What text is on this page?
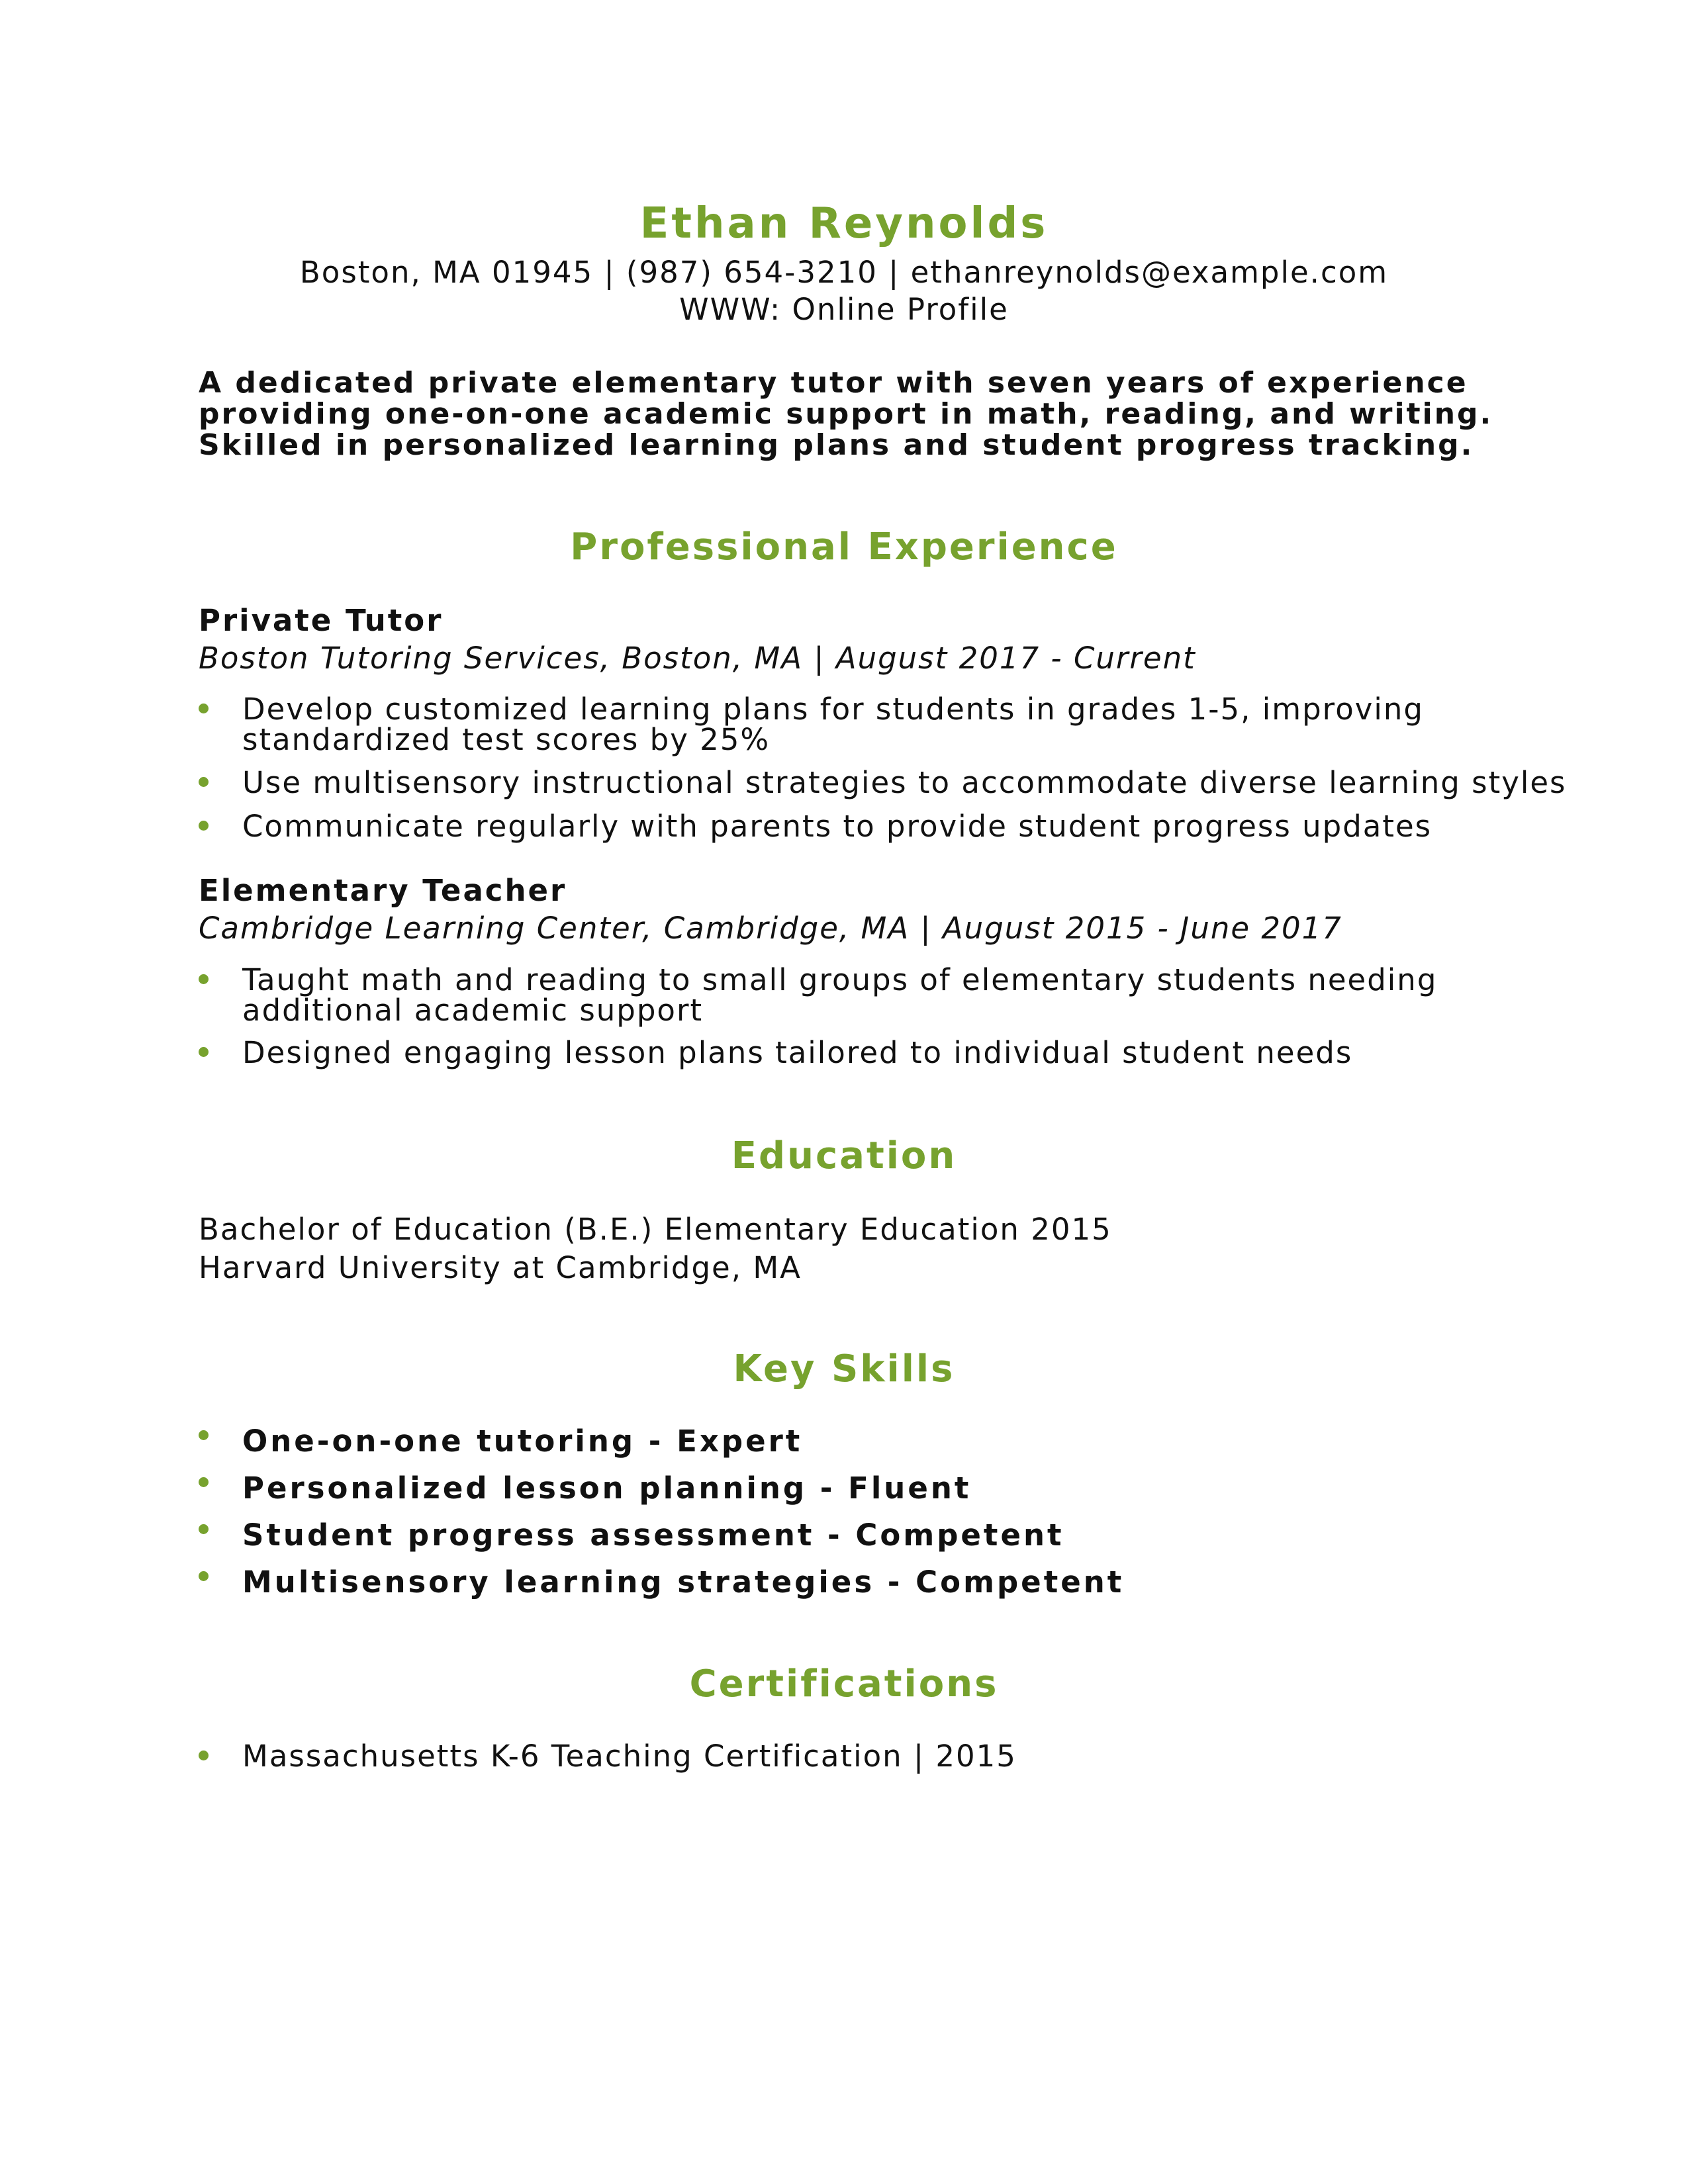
Ethan Reynolds
Boston, MA 01945 | (987) 654-3210 | ethanreynolds@example.com
WWW: Online Profile
A dedicated private elementary tutor with seven years of experience
providing one-on-one academic support in math, reading, and writing.
Skilled in personalized learning plans and student progress tracking.
Professional Experience
Private Tutor
Boston Tutoring Services, Boston, MA | August 2017 - Current
Develop customized learning plans for students in grades 1-5, improving
standardized test scores by 25%
Use multisensory instructional strategies to accommodate diverse learning styles
Communicate regularly with parents to provide student progress updates
Elementary Teacher
Cambridge Learning Center, Cambridge, MA | August 2015 - June 2017
Taught math and reading to small groups of elementary students needing
additional academic support
Designed engaging lesson plans tailored to individual student needs
Education
Bachelor of Education (B.E.) Elementary Education 2015
Harvard University at Cambridge, MA
Key Skills
One-on-one tutoring - Expert
Personalized lesson planning - Fluent
Student progress assessment - Competent
Multisensory learning strategies - Competent
Certifications
Massachusetts K-6 Teaching Certification | 2015
